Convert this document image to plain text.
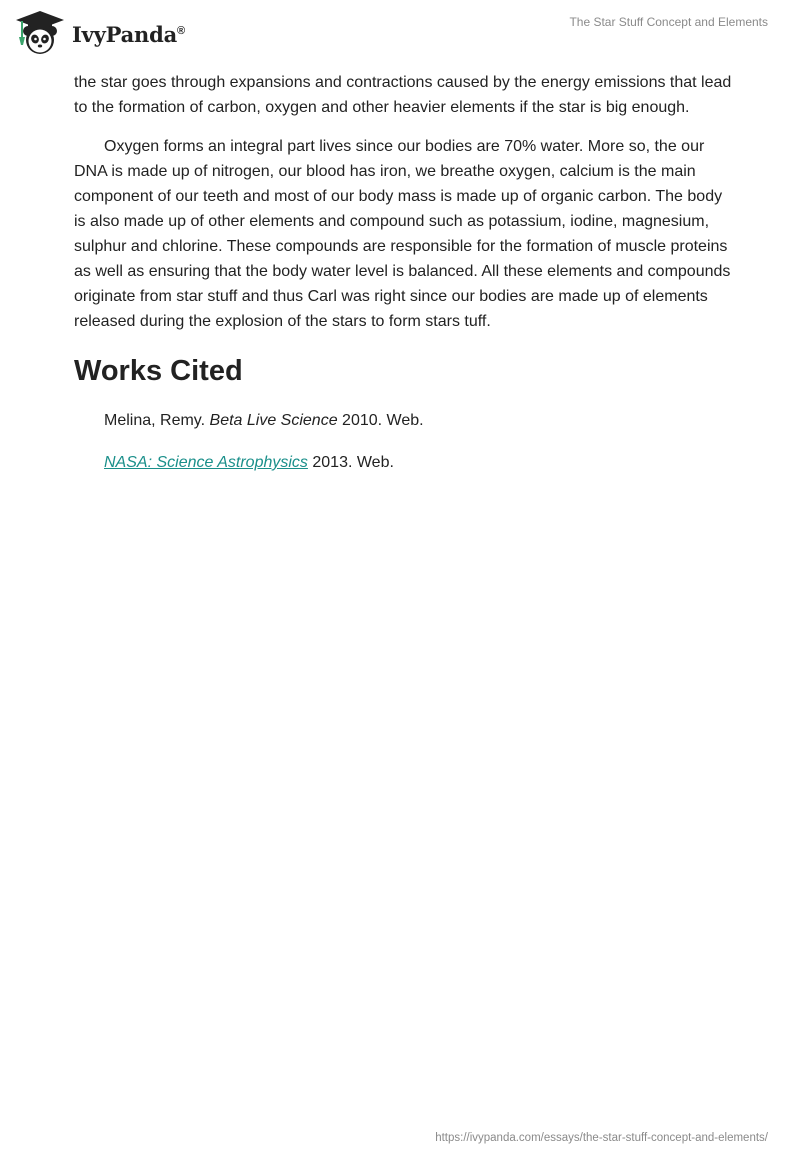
IvyPanda®
The Star Stuff Concept and Elements

the star goes through expansions and contractions caused by the energy emissions that lead to the formation of carbon, oxygen and other heavier elements if the star is big enough.

Oxygen forms an integral part lives since our bodies are 70% water. More so, the our DNA is made up of nitrogen, our blood has iron, we breathe oxygen, calcium is the main component of our teeth and most of our body mass is made up of organic carbon. The body is also made up of other elements and compound such as potassium, iodine, magnesium, sulphur and chlorine. These compounds are responsible for the formation of muscle proteins as well as ensuring that the body water level is balanced. All these elements and compounds originate from star stuff and thus Carl was right since our bodies are made up of elements released during the explosion of the stars to form stars tuff.

Works Cited
Melina, Remy. Beta Live Science 2010. Web.
NASA: Science Astrophysics 2013. Web.
https://ivypanda.com/essays/the-star-stuff-concept-and-elements/
